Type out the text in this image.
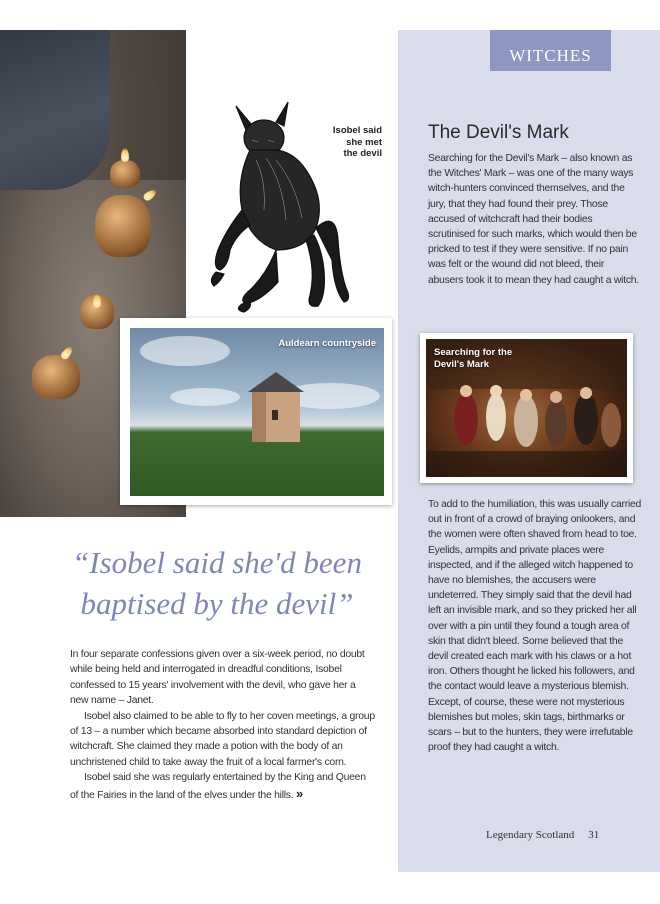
Isobel said she met the devil
Auldearn countryside
WITCHES
The Devil's Mark
Searching for the Devil's Mark – also known as the Witches' Mark – was one of the many ways witch-hunters convinced themselves, and the jury, that they had found their prey. Those accused of witchcraft had their bodies scrutinised for such marks, which would then be pricked to test if they were sensitive. If no pain was felt or the wound did not bleed, their abusers took it to mean they had caught a witch.
Searching for the Devil's Mark
To add to the humiliation, this was usually carried out in front of a crowd of braying onlookers, and the women were often shaved from head to toe. Eyelids, armpits and private places were inspected, and if the alleged witch happened to have no blemishes, the accusers were undeterred. They simply said that the devil had left an invisible mark, and so they pricked her all over with a pin until they found a tough area of skin that didn't bleed. Some believed that the devil created each mark with his claws or a hot iron. Others thought he licked his followers, and the contact would leave a mysterious blemish. Except, of course, these were not mysterious blemishes but moles, skin tags, birthmarks or scars – but to the hunters, they were irrefutable proof they had caught a witch.
“Isobel said she'd been baptised by the devil”

In four separate confessions given over a six-week period, no doubt while being held and interrogated in dreadful conditions, Isobel confessed to 15 years' involvement with the devil, who gave her a new name – Janet.

Isobel also claimed to be able to fly to her coven meetings, a group of 13 – a number which became absorbed into standard depiction of witchcraft. She claimed they made a potion with the body of an unchristened child to take away the fruit of a local farmer's corn.

Isobel said she was regularly entertained by the King and Queen of the Fairies in the land of the elves under the hills. »

Legendary Scotland 31
